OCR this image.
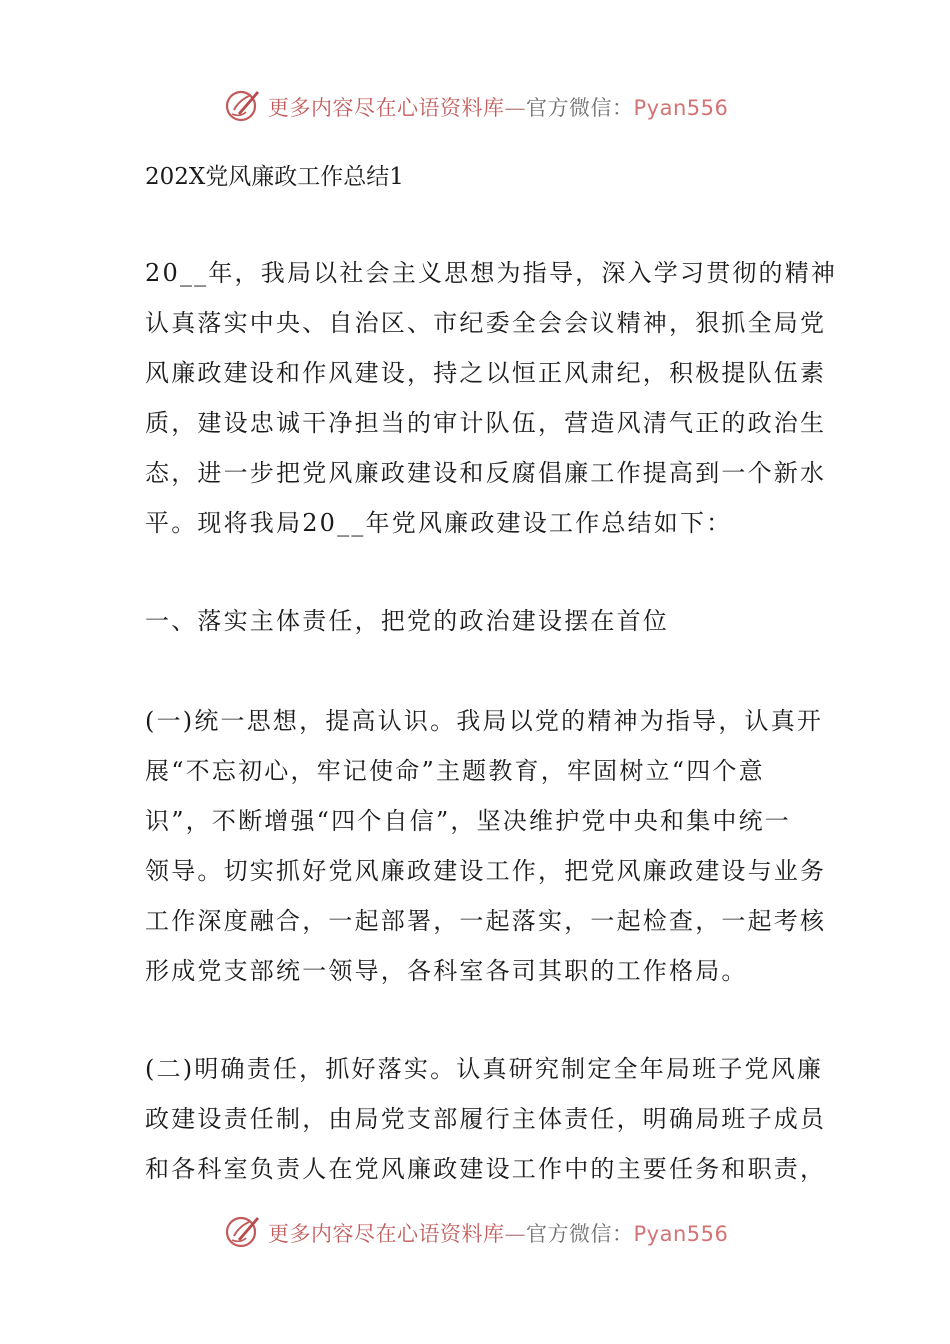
更多内容尽在心语资料库—官方微信：Pyan556
202X党风廉政工作总结1
20__年，我局以社会主义思想为指导，深入学习贯彻的精神
认真落实中央、自治区、市纪委全会会议精神，狠抓全局党
风廉政建设和作风建设，持之以恒正风肃纪，积极提队伍素
质，建设忠诚干净担当的审计队伍，营造风清气正的政治生
态，进一步把党风廉政建设和反腐倡廉工作提高到一个新水
平。现将我局20__年党风廉政建设工作总结如下：
一、落实主体责任，把党的政治建设摆在首位
(一)统一思想，提高认识。我局以党的精神为指导，认真开
展“不忘初心，牢记使命”主题教育，牢固树立“四个意
识”，不断增强“四个自信”，坚决维护党中央和集中统一
领导。切实抓好党风廉政建设工作，把党风廉政建设与业务
工作深度融合，一起部署，一起落实，一起检查，一起考核
形成党支部统一领导，各科室各司其职的工作格局。
(二)明确责任，抓好落实。认真研究制定全年局班子党风廉
政建设责任制，由局党支部履行主体责任，明确局班子成员
和各科室负责人在党风廉政建设工作中的主要任务和职责，
更多内容尽在心语资料库—官方微信：Pyan556
